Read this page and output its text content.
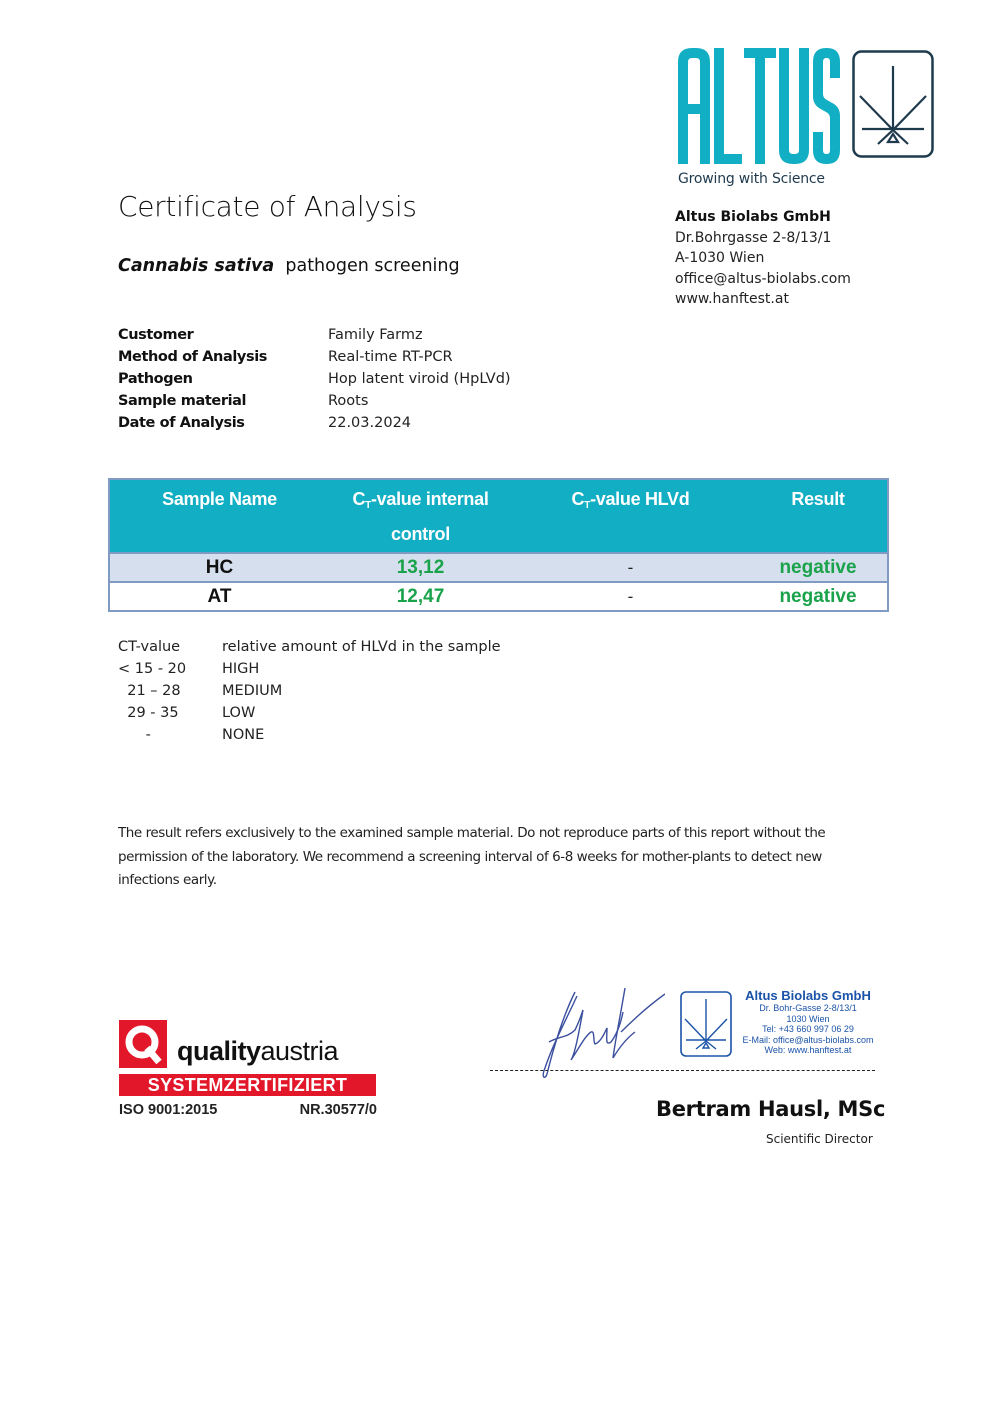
Growing with Science
Altus Biolabs GmbH
Dr.Bohrgasse 2-8/13/1
A-1030 Wien
office@altus-biolabs.com
www.hanftest.at
Certificate of Analysis
Cannabis sativa pathogen screening
Customer	Family Farmz
Method of Analysis	Real-time RT-PCR
Pathogen	Hop latent viroid (HpLVd)
Sample material	Roots
Date of Analysis	22.03.2024
Sample Name	$C_T$-value internal control	$C_T$-value HLVd	Result
HC	13,12	-	negative
AT	12,47	-	negative
CT-value	relative amount of HLVd in the sample
< 15 - 20	HIGH
21 – 28	MEDIUM
29 - 35	LOW
-	NONE
The result refers exclusively to the examined sample material. Do not reproduce parts of this report without the permission of the laboratory. We recommend a screening interval of 6-8 weeks for mother-plants to detect new infections early.
qualityaustria
SYSTEMZERTIFIZIERT
ISO 9001:2015	NR.30577/0
Altus Biolabs GmbH
Dr. Bohr-Gasse 2-8/13/1
1030 Wien
Tel: +43 660 997 06 29
E-Mail: office@altus-biolabs.com
Web: www.hanftest.at
Bertram Hausl, MSc
Scientific Director
